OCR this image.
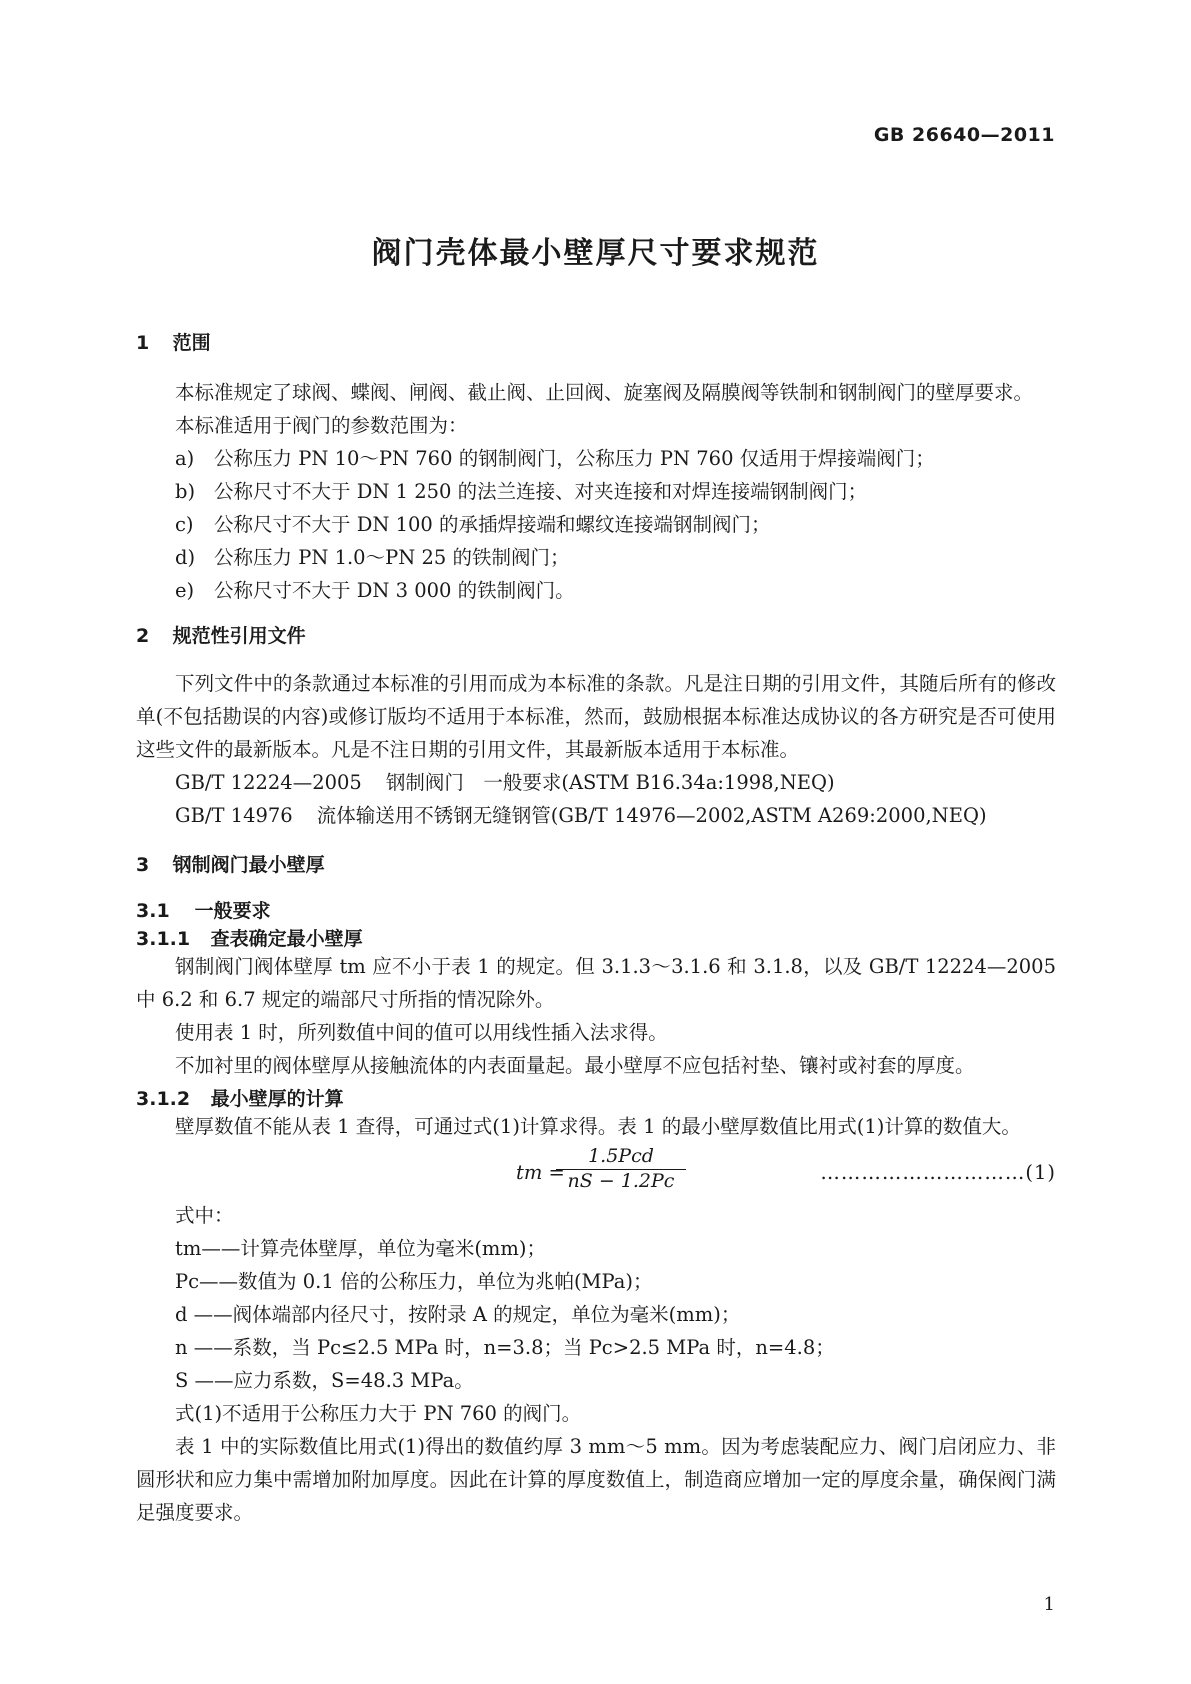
GB 26640—2011
阀门壳体最小壁厚尺寸要求规范
1 范围
本标准规定了球阀、蝶阀、闸阀、截止阀、止回阀、旋塞阀及隔膜阀等铁制和钢制阀门的壁厚要求。
本标准适用于阀门的参数范围为：
a) 公称压力 PN 10～PN 760 的钢制阀门，公称压力 PN 760 仅适用于焊接端阀门；
b) 公称尺寸不大于 DN 1 250 的法兰连接、对夹连接和对焊连接端钢制阀门；
c) 公称尺寸不大于 DN 100 的承插焊接端和螺纹连接端钢制阀门；
d) 公称压力 PN 1.0～PN 25 的铁制阀门；
e) 公称尺寸不大于 DN 3 000 的铁制阀门。
2 规范性引用文件
下列文件中的条款通过本标准的引用而成为本标准的条款。凡是注日期的引用文件，其随后所有的修改单(不包括勘误的内容)或修订版均不适用于本标准，然而，鼓励根据本标准达成协议的各方研究是否可使用这些文件的最新版本。凡是不注日期的引用文件，其最新版本适用于本标准。
GB/T 12224—2005 钢制阀门　一般要求(ASTM B16.34a:1998,NEQ)
GB/T 14976 流体输送用不锈钢无缝钢管(GB/T 14976—2002,ASTM A269:2000,NEQ)
3 钢制阀门最小壁厚
3.1 一般要求
3.1.1 查表确定最小壁厚
钢制阀门阀体壁厚 tm 应不小于表 1 的规定。但 3.1.3～3.1.6 和 3.1.8，以及 GB/T 12224—2005 中 6.2 和 6.7 规定的端部尺寸所指的情况除外。
使用表 1 时，所列数值中间的值可以用线性插入法求得。
不加衬里的阀体壁厚从接触流体的内表面量起。最小壁厚不应包括衬垫、镶衬或衬套的厚度。
3.1.2 最小壁厚的计算
壁厚数值不能从表 1 查得，可通过式(1)计算求得。表 1 的最小壁厚数值比用式(1)计算的数值大。
tm =
1.5Pcd
nS − 1.2Pc	…………………………(1)
式中：
tm——计算壳体壁厚，单位为毫米(mm)；
Pc——数值为 0.1 倍的公称压力，单位为兆帕(MPa)；
d ——阀体端部内径尺寸，按附录 A 的规定，单位为毫米(mm)；
n ——系数，当 Pc≤2.5 MPa 时，n=3.8；当 Pc>2.5 MPa 时，n=4.8；
S ——应力系数，S=48.3 MPa。
式(1)不适用于公称压力大于 PN 760 的阀门。
表 1 中的实际数值比用式(1)得出的数值约厚 3 mm～5 mm。因为考虑装配应力、阀门启闭应力、非圆形状和应力集中需增加附加厚度。因此在计算的厚度数值上，制造商应增加一定的厚度余量，确保阀门满足强度要求。
1
